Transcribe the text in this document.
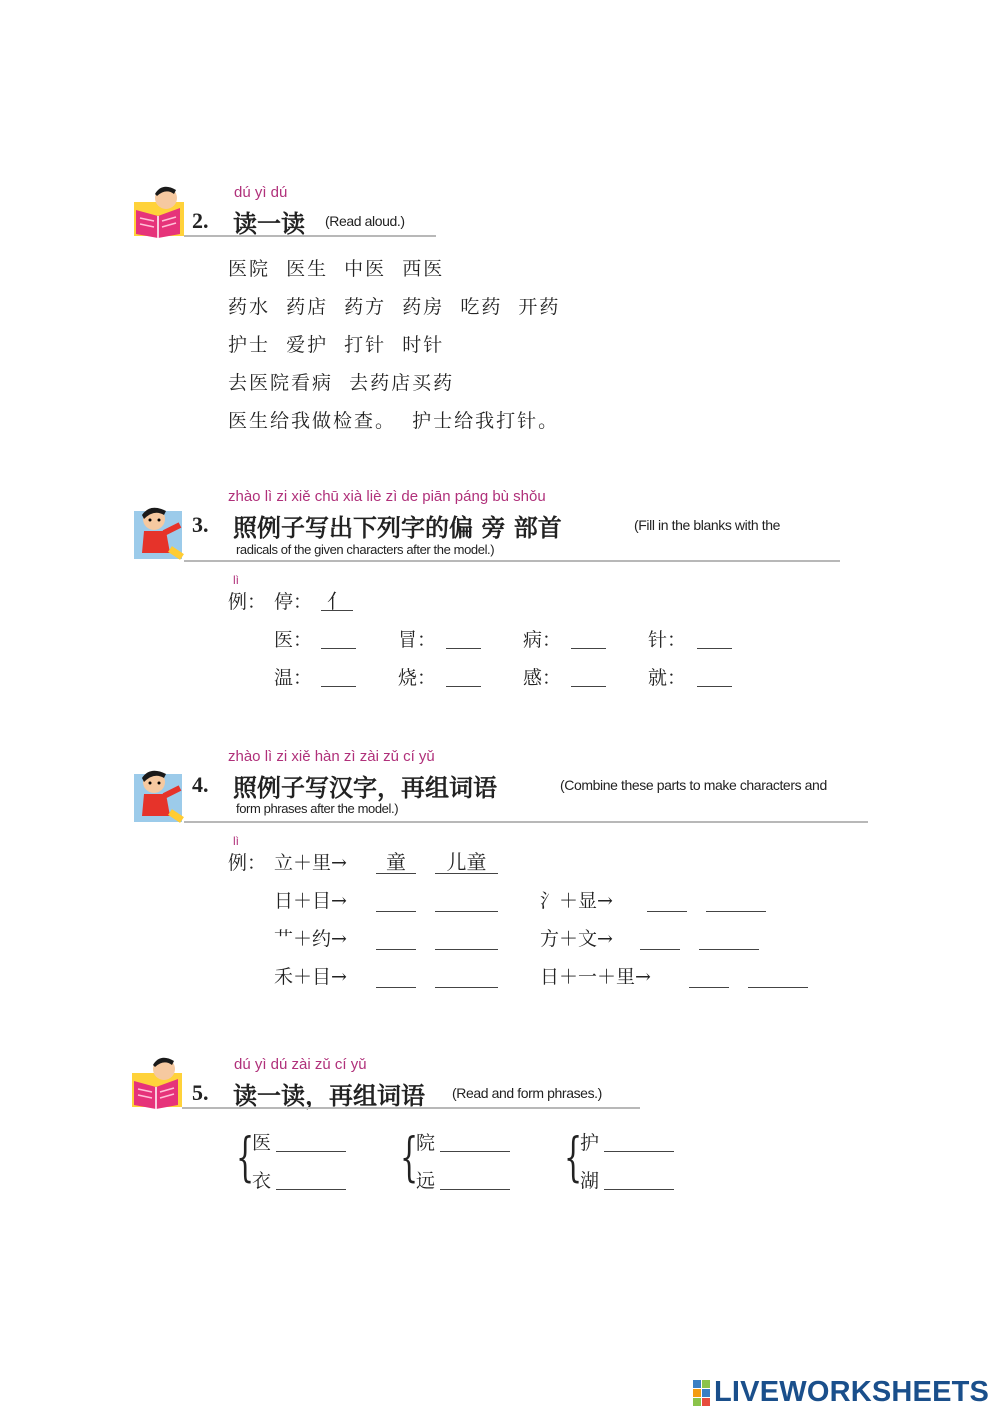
dú yì dú
2. 读一读 (Read aloud.)
医院  医生  中医  西医
药水  药店  药方  药房  吃药  开药
护士  爱护  打针  时针
去医院看病  去药店买药
医生给我做检查。  护士给我打针。
zhào lì zi xiě chū xià liè zì de piān páng bù shǒu
3. 照例子写出下列字的偏 旁 部首	(Fill in the blanks with the
radicals of the given characters after the model.)
lì
例： 停： 亻
医：	冒：	病：	针：
温：	烧：	感：	就：
zhào lì zi xiě hàn zì zài zǔ cí yǔ
4. 照例子写汉字，再组词语	(Combine these parts to make characters and
form phrases after the model.)
lì
例： 立＋里→	童	儿童
日＋目→	氵＋显→
艹＋约→	方＋文→
禾＋目→	日＋一＋里→
dú yì dú zài zǔ cí yǔ
5. 读一读，再组词语 (Read and form phrases.)
{
医
衣 {
院
远 {
护
湖
LIVEWORKSHEETS
